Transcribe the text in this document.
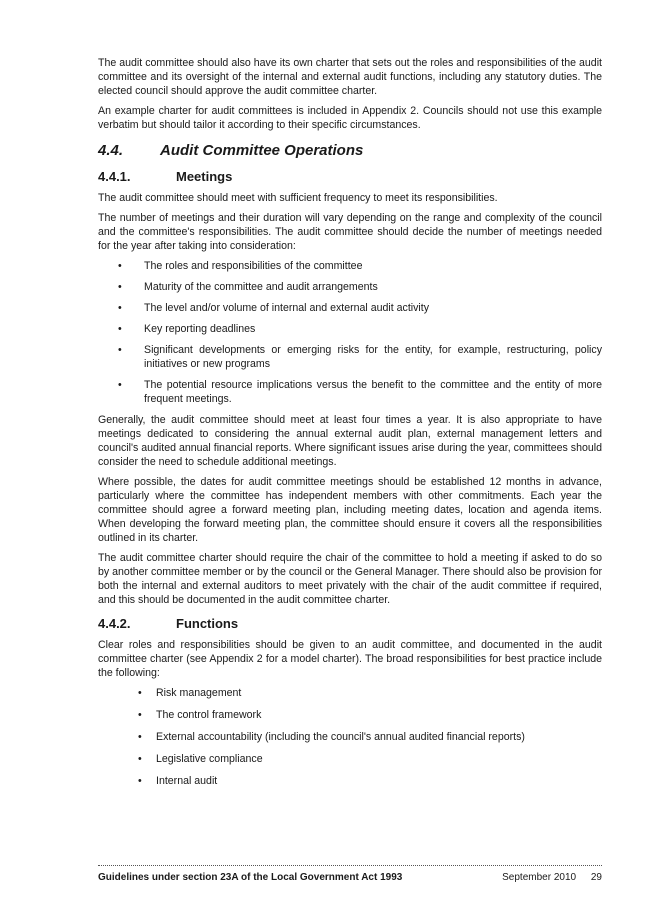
The audit committee should also have its own charter that sets out the roles and responsibilities of the audit committee and its oversight of the internal and external audit functions, including any statutory duties. The elected council should approve the audit committee charter.

An example charter for audit committees is included in Appendix 2. Councils should not use this example verbatim but should tailor it according to their specific circumstances.

4.4.	Audit Committee Operations
4.4.1.	Meetings

The audit committee should meet with sufficient frequency to meet its responsibilities.

The number of meetings and their duration will vary depending on the range and complexity of the council and the committee's responsibilities. The audit committee should decide the number of meetings needed for the year after taking into consideration:

• The roles and responsibilities of the committee
• Maturity of the committee and audit arrangements
• The level and/or volume of internal and external audit activity
• Key reporting deadlines
• Significant developments or emerging risks for the entity, for example, restructuring, policy initiatives or new programs
• The potential resource implications versus the benefit to the committee and the entity of more frequent meetings.

Generally, the audit committee should meet at least four times a year. It is also appropriate to have meetings dedicated to considering the annual external audit plan, external management letters and council's audited annual financial reports. Where significant issues arise during the year, committees should consider the need to schedule additional meetings.

Where possible, the dates for audit committee meetings should be established 12 months in advance, particularly where the committee has independent members with other commitments. Each year the committee should agree a forward meeting plan, including meeting dates, location and agenda items. When developing the forward meeting plan, the committee should ensure it covers all the responsibilities outlined in its charter.

The audit committee charter should require the chair of the committee to hold a meeting if asked to do so by another committee member or by the council or the General Manager. There should also be provision for both the internal and external auditors to meet privately with the chair of the audit committee if required, and this should be documented in the audit committee charter.

4.4.2.	Functions

Clear roles and responsibilities should be given to an audit committee, and documented in the audit committee charter (see Appendix 2 for a model charter). The broad responsibilities for best practice include the following:

• Risk management
• The control framework
• External accountability (including the council's annual audited financial reports)
• Legislative compliance
• Internal audit
Guidelines under section 23A of the Local Government Act 1993	September 2010 29
